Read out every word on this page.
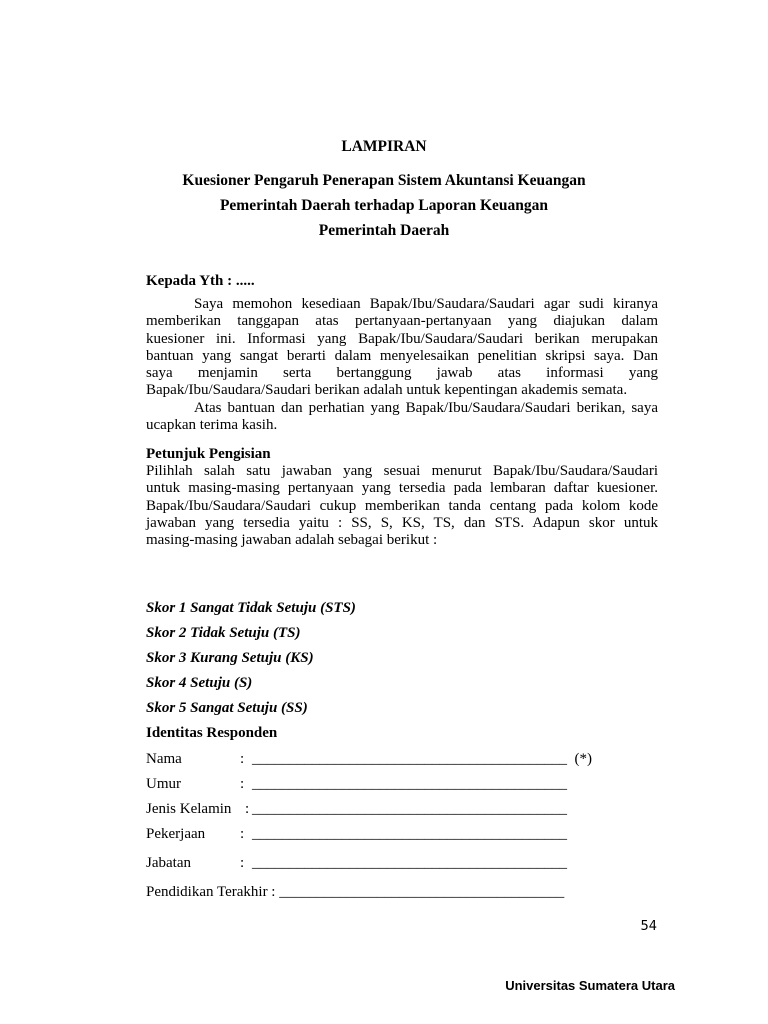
LAMPIRAN
Kuesioner Pengaruh Penerapan Sistem Akuntansi Keuangan
Pemerintah Daerah terhadap Laporan Keuangan
Pemerintah Daerah
Kepada Yth : .....

Saya memohon kesediaan Bapak/Ibu/Saudara/Saudari agar sudi kiranya

memberikan tanggapan atas pertanyaan-pertanyaan yang diajukan dalam

kuesioner ini. Informasi yang Bapak/Ibu/Saudara/Saudari berikan merupakan

bantuan yang sangat berarti dalam menyelesaikan penelitian skripsi saya. Dan

saya menjamin serta bertanggung jawab atas informasi yang

Bapak/Ibu/Saudara/Saudari berikan adalah untuk kepentingan akademis semata.

Atas bantuan dan perhatian yang Bapak/Ibu/Saudara/Saudari berikan, saya

ucapkan terima kasih.

Petunjuk Pengisian

Pilihlah salah satu jawaban yang sesuai menurut Bapak/Ibu/Saudara/Saudari

untuk masing-masing pertanyaan yang tersedia pada lembaran daftar kuesioner.

Bapak/Ibu/Saudara/Saudari cukup memberikan tanda centang pada kolom kode

jawaban yang tersedia yaitu : SS, S, KS, TS, dan STS. Adapun skor untuk

masing-masing jawaban adalah sebagai berikut :

Skor 1 Sangat Tidak Setuju (STS)
Skor 2 Tidak Setuju (TS)
Skor 3 Kurang Setuju (KS)
Skor 4 Setuju (S)
Skor 5 Sangat Setuju (SS)
Identitas Responden
Nama	: __________________________________________ (*)
Umur	: __________________________________________
Jenis Kelamin : __________________________________________
Pekerjaan : __________________________________________
Jabatan	: __________________________________________
Pendidikan Terakhir : ______________________________________
54
Universitas Sumatera Utara
